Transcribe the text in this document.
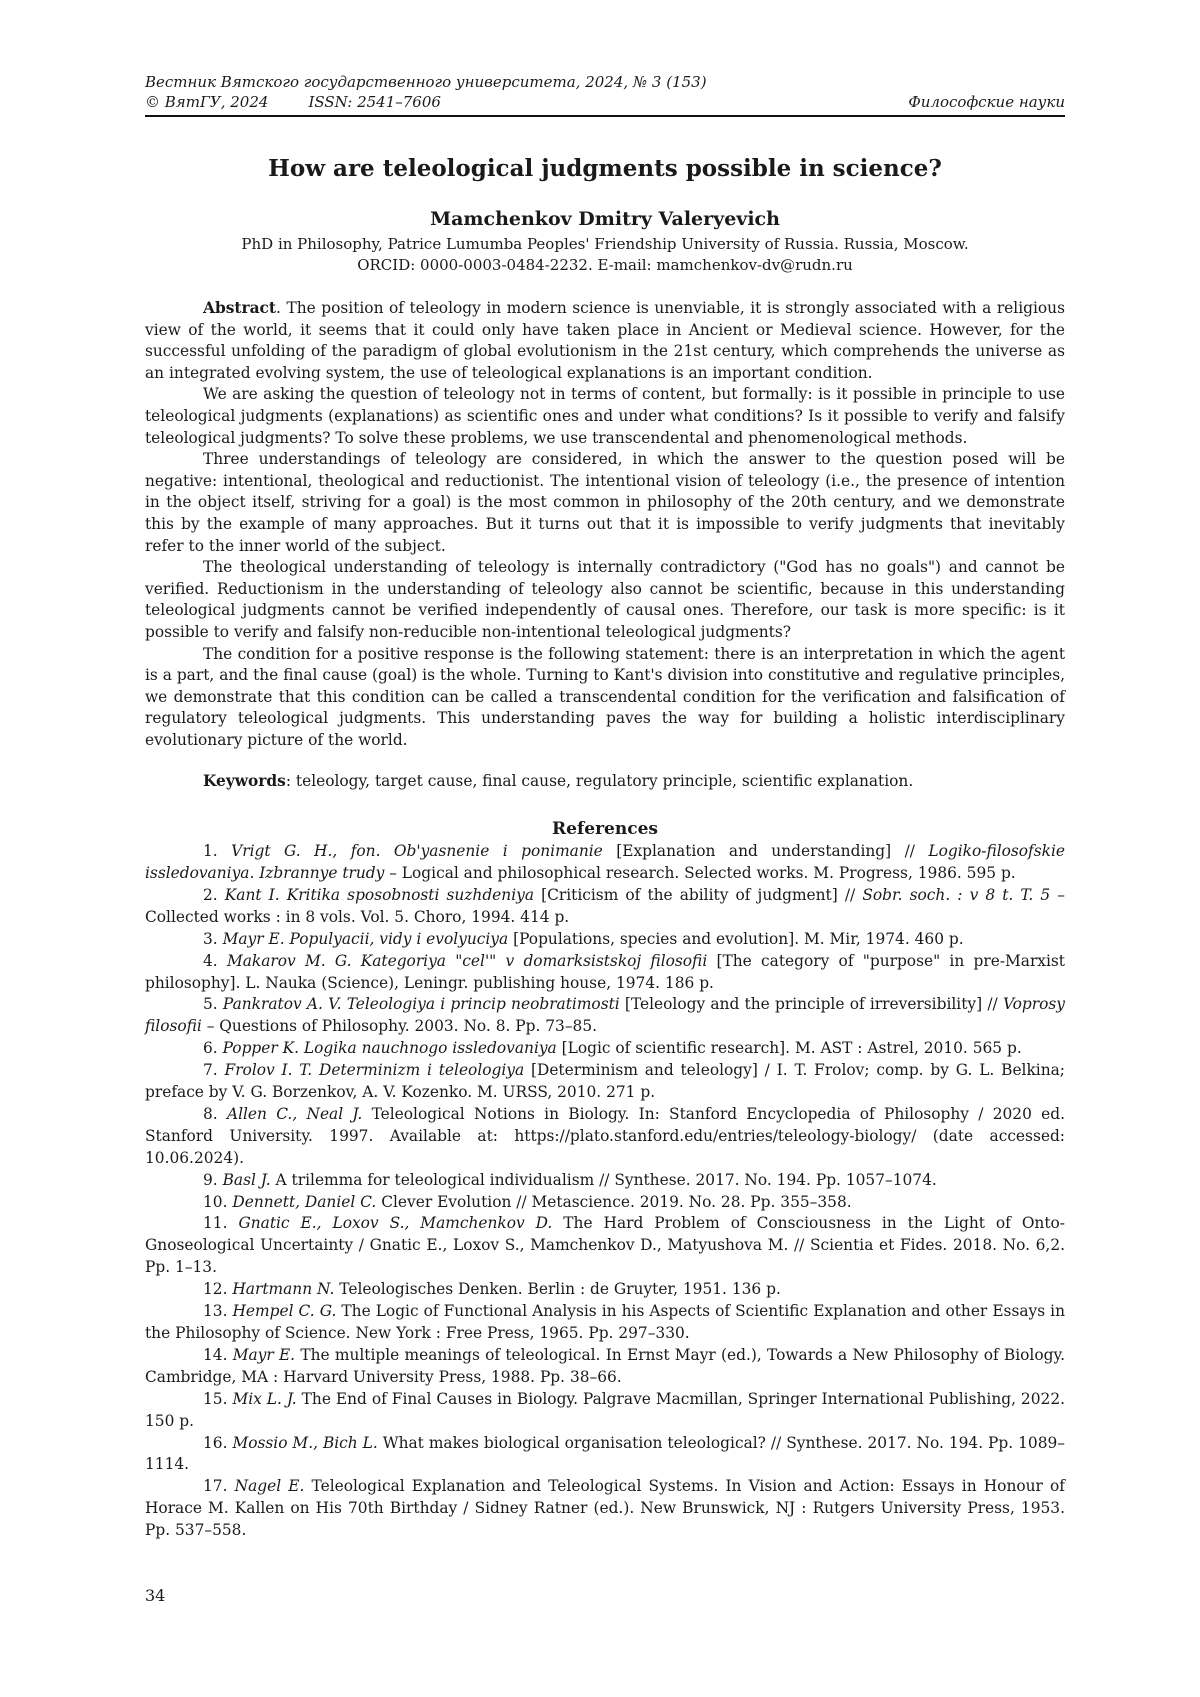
Вестник Вятского государственного университета, 2024, № 3 (153)
© ВятГУ, 2024	ISSN: 2541–7606	Философские науки
How are teleological judgments possible in science?
Mamchenkov Dmitry Valeryevich
PhD in Philosophy, Patrice Lumumba Peoples' Friendship University of Russia. Russia, Moscow.
ORCID: 0000-0003-0484-2232. E-mail: mamchenkov-dv@rudn.ru

Abstract. The position of teleology in modern science is unenviable, it is strongly associated with a religious view of the world, it seems that it could only have taken place in Ancient or Medieval science. However, for the successful unfolding of the paradigm of global evolutionism in the 21st century, which comprehends the universe as an integrated evolving system, the use of teleological explanations is an important condition.

We are asking the question of teleology not in terms of content, but formally: is it possible in principle to use teleological judgments (explanations) as scientific ones and under what conditions? Is it possible to verify and falsify teleological judgments? To solve these problems, we use transcendental and phenomenological methods.

Three understandings of teleology are considered, in which the answer to the question posed will be negative: intentional, theological and reductionist. The intentional vision of teleology (i.e., the presence of intention in the object itself, striving for a goal) is the most common in philosophy of the 20th century, and we demonstrate this by the example of many approaches. But it turns out that it is impossible to verify judgments that inevitably refer to the inner world of the subject.

The theological understanding of teleology is internally contradictory ("God has no goals") and cannot be verified. Reductionism in the understanding of teleology also cannot be scientific, because in this understanding teleological judgments cannot be verified independently of causal ones. Therefore, our task is more specific: is it possible to verify and falsify non-reducible non-intentional teleological judgments?

The condition for a positive response is the following statement: there is an interpretation in which the agent is a part, and the final cause (goal) is the whole. Turning to Kant's division into constitutive and regulative principles, we demonstrate that this condition can be called a transcendental condition for the verification and falsification of regulatory teleological judgments. This understanding paves the way for building a holistic interdisciplinary evolutionary picture of the world.

Keywords: teleology, target cause, final cause, regulatory principle, scientific explanation.
References

1. Vrigt G. H., fon. Ob'yasnenie i ponimanie [Explanation and understanding] // Logiko-filosofskie issledovaniya. Izbrannye trudy – Logical and philosophical research. Selected works. M. Progress, 1986. 595 p.

2. Kant I. Kritika sposobnosti suzhdeniya [Criticism of the ability of judgment] // Sobr. soch. : v 8 t. T. 5 – Collected works : in 8 vols. Vol. 5. Choro, 1994. 414 p.

3. Mayr E. Populyacii, vidy i evolyuciya [Populations, species and evolution]. M. Mir, 1974. 460 p.

4. Makarov M. G. Kategoriya "cel'" v domarksistskoj filosofii [The category of "purpose" in pre-Marxist philosophy]. L. Nauka (Science), Leningr. publishing house, 1974. 186 p.

5. Pankratov A. V. Teleologiya i princip neobratimosti [Teleology and the principle of irreversibility] // Voprosy filosofii – Questions of Philosophy. 2003. No. 8. Pp. 73–85.

6. Popper K. Logika nauchnogo issledovaniya [Logic of scientific research]. M. AST : Astrel, 2010. 565 p.

7. Frolov I. T. Determinizm i teleologiya [Determinism and teleology] / I. T. Frolov; comp. by G. L. Belkina; preface by V. G. Borzenkov, A. V. Kozenko. M. URSS, 2010. 271 p.

8. Allen C., Neal J. Teleological Notions in Biology. In: Stanford Encyclopedia of Philosophy / 2020 ed. Stanford University. 1997. Available at: https://plato.stanford.edu/entries/teleology-biology/ (date accessed: 10.06.2024).

9. Basl J. A trilemma for teleological individualism // Synthese. 2017. No. 194. Pp. 1057–1074.

10. Dennett, Daniel C. Clever Evolution // Metascience. 2019. No. 28. Pp. 355–358.

11. Gnatic E., Loxov S., Mamchenkov D. The Hard Problem of Consciousness in the Light of Onto-Gnoseological Uncertainty / Gnatic E., Loxov S., Mamchenkov D., Matyushova M. // Scientia et Fides. 2018. No. 6,2. Pp. 1–13.

12. Hartmann N. Teleologisches Denken. Berlin : de Gruyter, 1951. 136 p.

13. Hempel C. G. The Logic of Functional Analysis in his Aspects of Scientific Explanation and other Essays in the Philosophy of Science. New York : Free Press, 1965. Pp. 297–330.

14. Mayr E. The multiple meanings of teleological. In Ernst Mayr (ed.), Towards a New Philosophy of Biology. Cambridge, MA : Harvard University Press, 1988. Pp. 38–66.

15. Mix L. J. The End of Final Causes in Biology. Palgrave Macmillan, Springer International Publishing, 2022. 150 p.

16. Mossio M., Bich L. What makes biological organisation teleological? // Synthese. 2017. No. 194. Pp. 1089–1114.

17. Nagel E. Teleological Explanation and Teleological Systems. In Vision and Action: Essays in Honour of Horace M. Kallen on His 70th Birthday / Sidney Ratner (ed.). New Brunswick, NJ : Rutgers University Press, 1953. Pp. 537–558.

34
